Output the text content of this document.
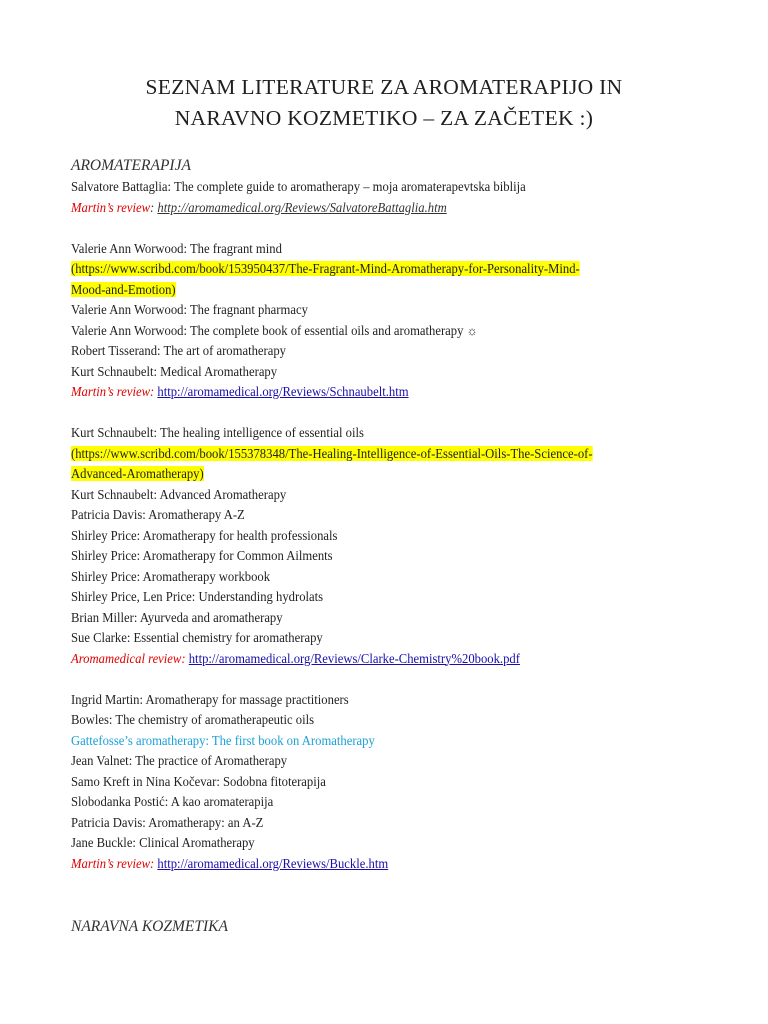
SEZNAM LITERATURE ZA AROMATERAPIJO IN
NARAVNO KOZMETIKO – ZA ZAČETEK :)
AROMATERAPIJA
Salvatore Battaglia: The complete guide to aromatherapy – moja aromaterapevtska biblija
Martin’s review: http://aromamedical.org/Reviews/SalvatoreBattaglia.htm
Valerie Ann Worwood: The fragrant mind
(https://www.scribd.com/book/153950437/The-Fragrant-Mind-Aromatherapy-for-Personality-Mind-
Mood-and-Emotion)
Valerie Ann Worwood: The fragnant pharmacy
Valerie Ann Worwood: The complete book of essential oils and aromatherapy ☼
Robert Tisserand: The art of aromatherapy
Kurt Schnaubelt: Medical Aromatherapy
Martin’s review: http://aromamedical.org/Reviews/Schnaubelt.htm
Kurt Schnaubelt: The healing intelligence of essential oils
(https://www.scribd.com/book/155378348/The-Healing-Intelligence-of-Essential-Oils-The-Science-of-
Advanced-Aromatherapy)
Kurt Schnaubelt: Advanced Aromatherapy
Patricia Davis: Aromatherapy A-Z
Shirley Price: Aromatherapy for health professionals
Shirley Price: Aromatherapy for Common Ailments
Shirley Price: Aromatherapy workbook
Shirley Price, Len Price: Understanding hydrolats
Brian Miller: Ayurveda and aromatherapy
Sue Clarke: Essential chemistry for aromatherapy
Aromamedical review: http://aromamedical.org/Reviews/Clarke-Chemistry%20book.pdf
Ingrid Martin: Aromatherapy for massage practitioners
Bowles: The chemistry of aromatherapeutic oils
Gattefosse’s aromatherapy: The first book on Aromatherapy
Jean Valnet: The practice of Aromatherapy
Samo Kreft in Nina Kočevar: Sodobna fitoterapija
Slobodanka Postić: A kao aromaterapija
Patricia Davis: Aromatherapy: an A-Z
Jane Buckle: Clinical Aromatherapy
Martin’s review: http://aromamedical.org/Reviews/Buckle.htm
NARAVNA KOZMETIKA
